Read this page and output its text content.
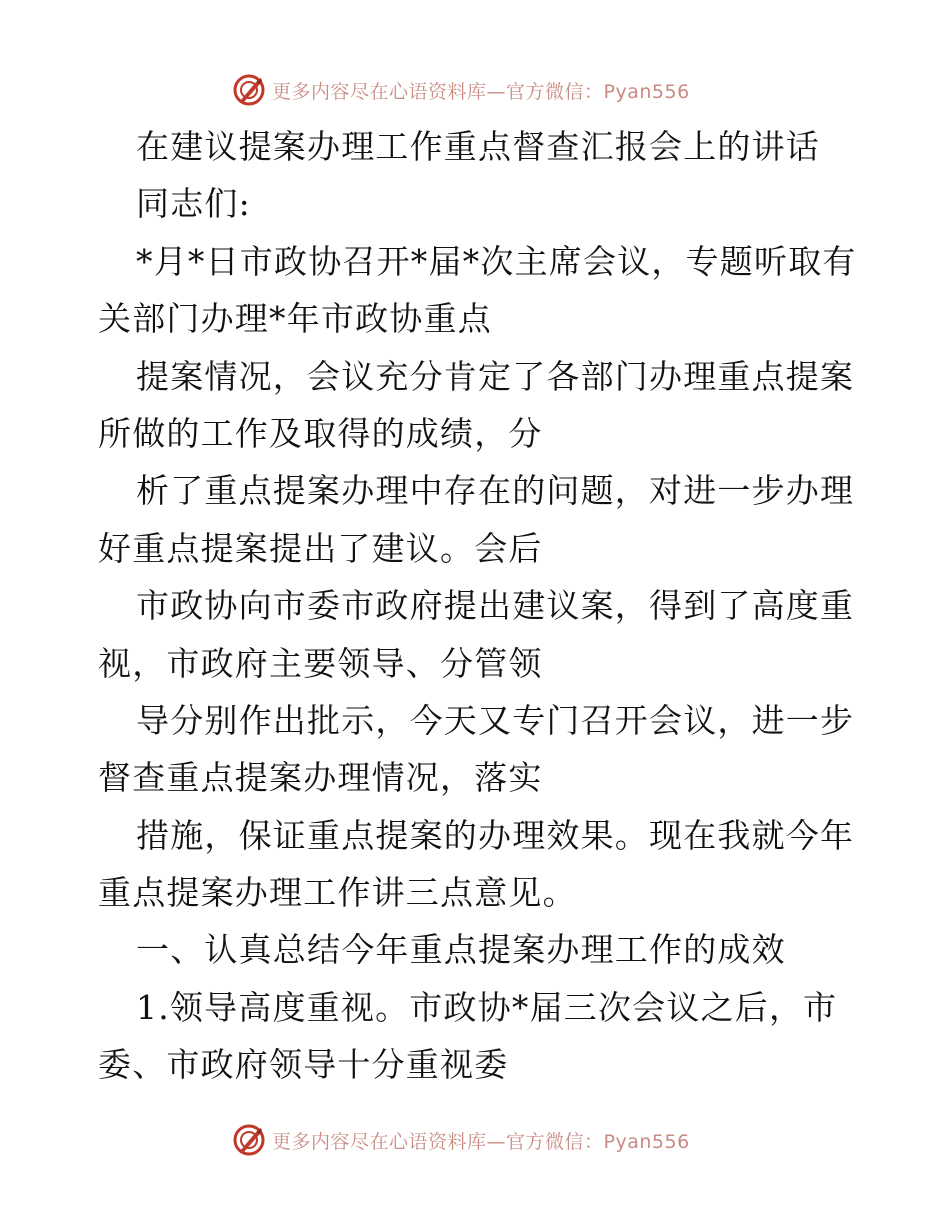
更多内容尽在心语资料库—官方微信：Pyan556
在建议提案办理工作重点督查汇报会上的讲话
同志们:
*月*日市政协召开*届*次主席会议，专题听取有
关部门办理*年市政协重点
提案情况，会议充分肯定了各部门办理重点提案
所做的工作及取得的成绩，分
析了重点提案办理中存在的问题，对进一步办理
好重点提案提出了建议。会后
市政协向市委市政府提出建议案，得到了高度重
视，市政府主要领导、分管领
导分别作出批示，今天又专门召开会议，进一步
督查重点提案办理情况，落实
措施，保证重点提案的办理效果。现在我就今年
重点提案办理工作讲三点意见。
一、认真总结今年重点提案办理工作的成效
1.领导高度重视。市政协*届三次会议之后，市
委、市政府领导十分重视委
更多内容尽在心语资料库—官方微信：Pyan556
